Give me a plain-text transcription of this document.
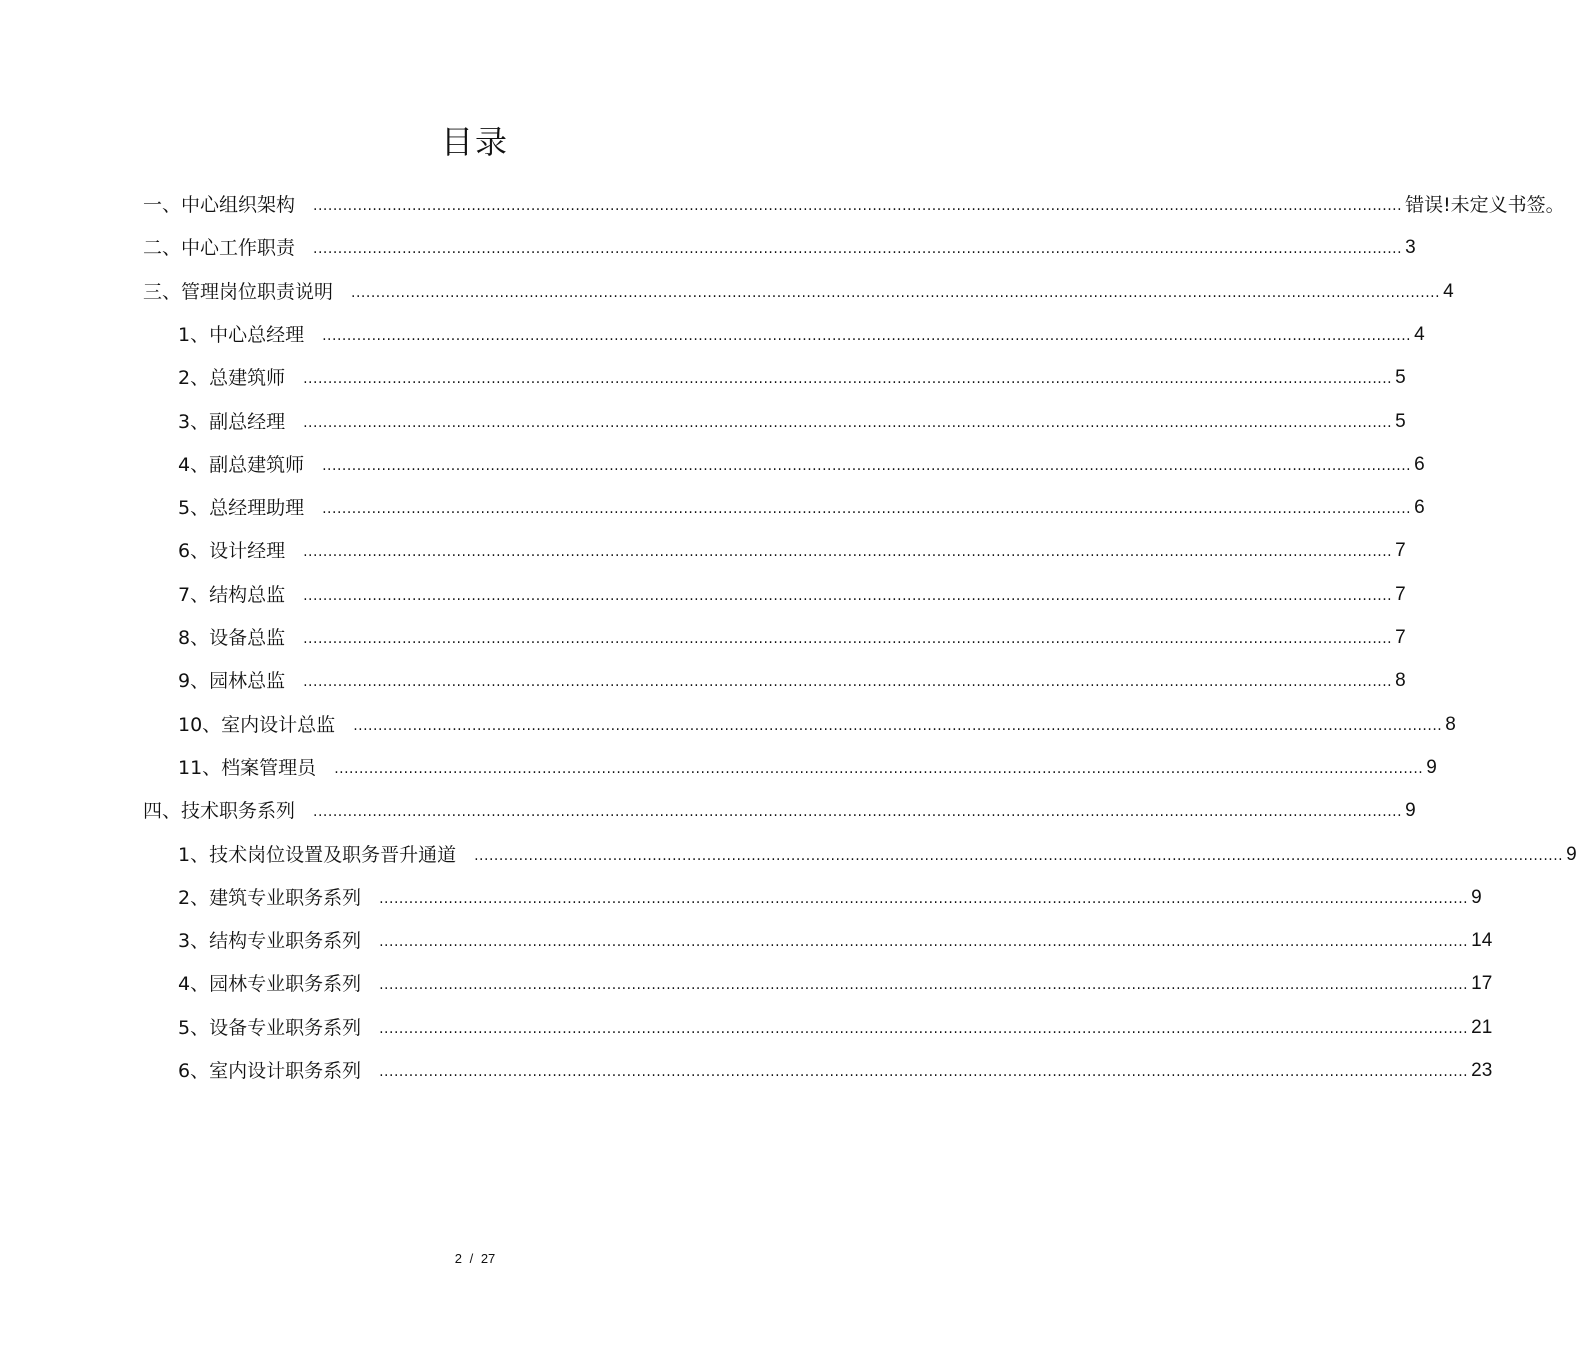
目录
一、中心组织架构 ............................................................................................................................................................................................................................ 错误!未定义书签。
二、中心工作职责 ............................................................................................................................................................................................................................ 3
三、管理岗位职责说明 ............................................................................................................................................................................................................................ 4
1、中心总经理 ............................................................................................................................................................................................................................ 4
2、总建筑师 ............................................................................................................................................................................................................................ 5
3、副总经理 ............................................................................................................................................................................................................................ 5
4、副总建筑师 ............................................................................................................................................................................................................................ 6
5、总经理助理 ............................................................................................................................................................................................................................ 6
6、设计经理 ............................................................................................................................................................................................................................ 7
7、结构总监 ............................................................................................................................................................................................................................ 7
8、设备总监 ............................................................................................................................................................................................................................ 7
9、园林总监 ............................................................................................................................................................................................................................ 8
10、室内设计总监 ............................................................................................................................................................................................................................ 8
11、档案管理员 ............................................................................................................................................................................................................................ 9
四、技术职务系列 ............................................................................................................................................................................................................................ 9
1、技术岗位设置及职务晋升通道 ............................................................................................................................................................................................................................ 9
2、建筑专业职务系列 ............................................................................................................................................................................................................................ 9
3、结构专业职务系列 ............................................................................................................................................................................................................................ 14
4、园林专业职务系列 ............................................................................................................................................................................................................................ 17
5、设备专业职务系列 ............................................................................................................................................................................................................................ 21
6、室内设计职务系列 ............................................................................................................................................................................................................................ 23
2 / 27
